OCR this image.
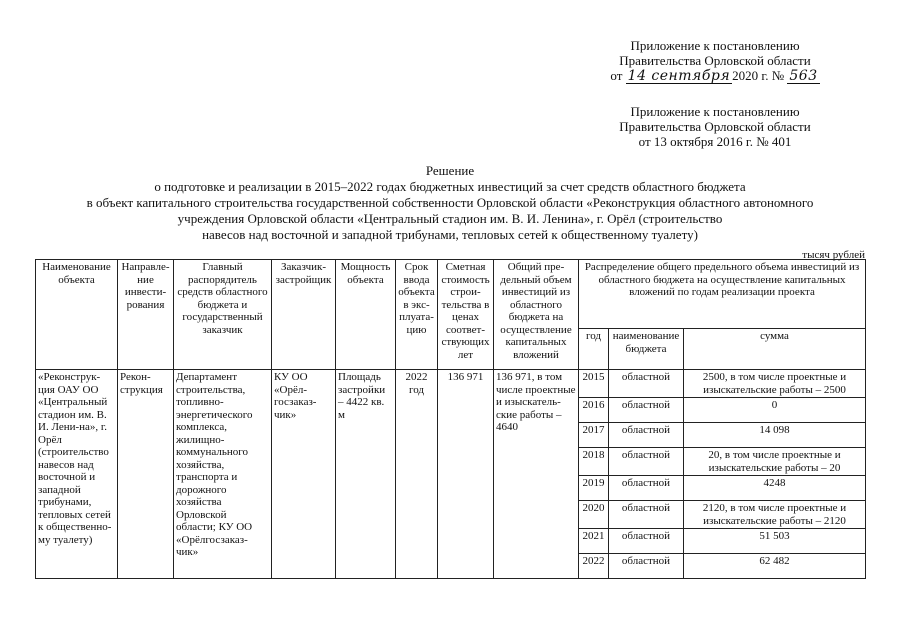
Приложение к постановлению
Правительства Орловской области
от 14 сентября 2020 г. № 563
Приложение к постановлению
Правительства Орловской области
от 13 октября 2016 г. № 401
Решение
о подготовке и реализации в 2015–2022 годах бюджетных инвестиций за счет средств областного бюджета
в объект капитального строительства государственной собственности Орловской области «Реконструкция областного автономного
учреждения Орловской области «Центральный стадион им. В. И. Ленина», г. Орёл (строительство
навесов над восточной и западной трибунами, тепловых сетей к общественному туалету)
тысяч рублей
Наименование объекта	Направле-ние инвести-рования	Главный распорядитель средств областного бюджета и государственный заказчик	Заказчик-застройщик	Мощность объекта	Срок ввода объекта в экс-плуата-цию	Сметная стоимость строи-тельства в ценах соответ-ствующих лет	Общий пре-дельный объем инвестиций из областного бюджета на осуществление капитальных вложений	Распределение общего предельного объема инвестиций из областного бюджета на осуществление капитальных вложений по годам реализации проекта		
								год	наименование бюджета	сумма
«Реконструк-ция ОАУ ОО «Центральный стадион им. В. И. Лени-на», г. Орёл (строительство навесов над восточной и западной трибунами, тепловых сетей к общественно-му туалету)	Рекон-струкция	Департамент строительства, топливно-энергетического комплекса, жилищно-коммунального хозяйства, транспорта и дорожного хозяйства Орловской области; КУ ОО «Орёлгосзаказ-чик»	КУ ОО «Орёл-госзаказ-чик»	Площадь застройки – 4422 кв. м	2022 год	136 971	136 971, в том числе проектные и изыскатель-ские работы – 4640	2015	областной	2500, в том числе проектные и изыскательские работы – 2500
								2016	областной	0
								2017	областной	14 098
								2018	областной	20, в том числе проектные и изыскательские работы – 20
								2019	областной	4248
								2020	областной	2120, в том числе проектные и изыскательские работы – 2120
								2021	областной	51 503
								2022	областной	62 482
